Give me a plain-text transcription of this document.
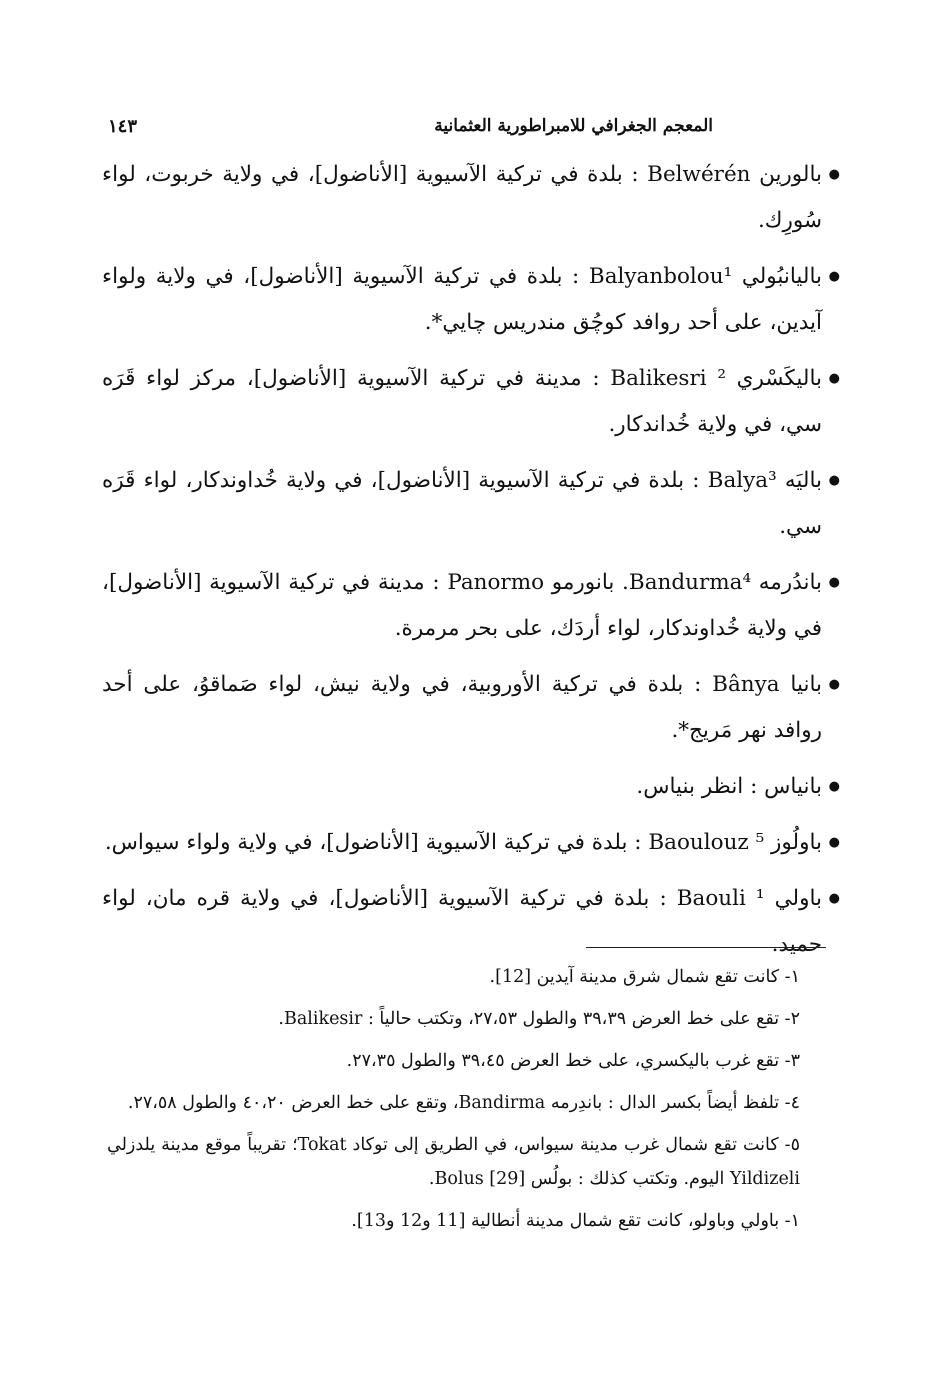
المعجم الجغرافي للامبراطورية العثمانية
١٤٣
●
بالورين Belwérén : بلدة في تركية الآسيوية [الأناضول]، في ولاية خربوت، لواء سُورِك.
●
باليانبُولي Balyanbolou¹ : بلدة في تركية الآسيوية [الأناضول]، في ولاية ولواء آيدين، على أحد روافد كوچُق مندريس چايي*.
●
باليكَسْري Balikesri ² : مدينة في تركية الآسيوية [الأناضول]، مركز لواء قَرَه سي، في ولاية خُداندكار.
●
باليَه Balya³ : بلدة في تركية الآسيوية [الأناضول]، في ولاية خُداوندكار، لواء قَرَه سي.
●
باندُرمه Bandurma⁴. بانورمو Panormo : مدينة في تركية الآسيوية [الأناضول]، في ولاية خُداوندكار، لواء أردَك، على بحر مرمرة.
●
بانيا Bânya : بلدة في تركية الأوروبية، في ولاية نيش، لواء صَماقوُ، على أحد روافد نهر مَريج*.
●
بانياس : انظر بنياس.
●
باولُوز Baoulouz ⁵ : بلدة في تركية الآسيوية [الأناضول]، في ولاية ولواء سيواس.
●
باولي Baouli ¹ : بلدة في تركية الآسيوية [الأناضول]، في ولاية قره مان، لواء حميد.
١- كانت تقع شمال شرق مدينة آيدين [12].
٢- تقع على خط العرض ٣٩،٣٩ والطول ٢٧،٥٣، وتكتب حالياً : Balikesir.
٣- تقع غرب باليكسري، على خط العرض ٣٩،٤٥ والطول ٢٧،٣٥.
٤- تلفظ أيضاً بكسر الدال : باندِرمه Bandirma، وتقع على خط العرض ٤٠،٢٠ والطول ٢٧،٥٨.
٥- كانت تقع شمال غرب مدينة سيواس، في الطريق إلى توكاد Tokat؛ تقريباً موقع مدينة يلدزلي Yildizeli اليوم. وتكتب كذلك : بولُس Bolus [29].
١- باولي وباولو، كانت تقع شمال مدينة أنطالية [11 و12 و13].
